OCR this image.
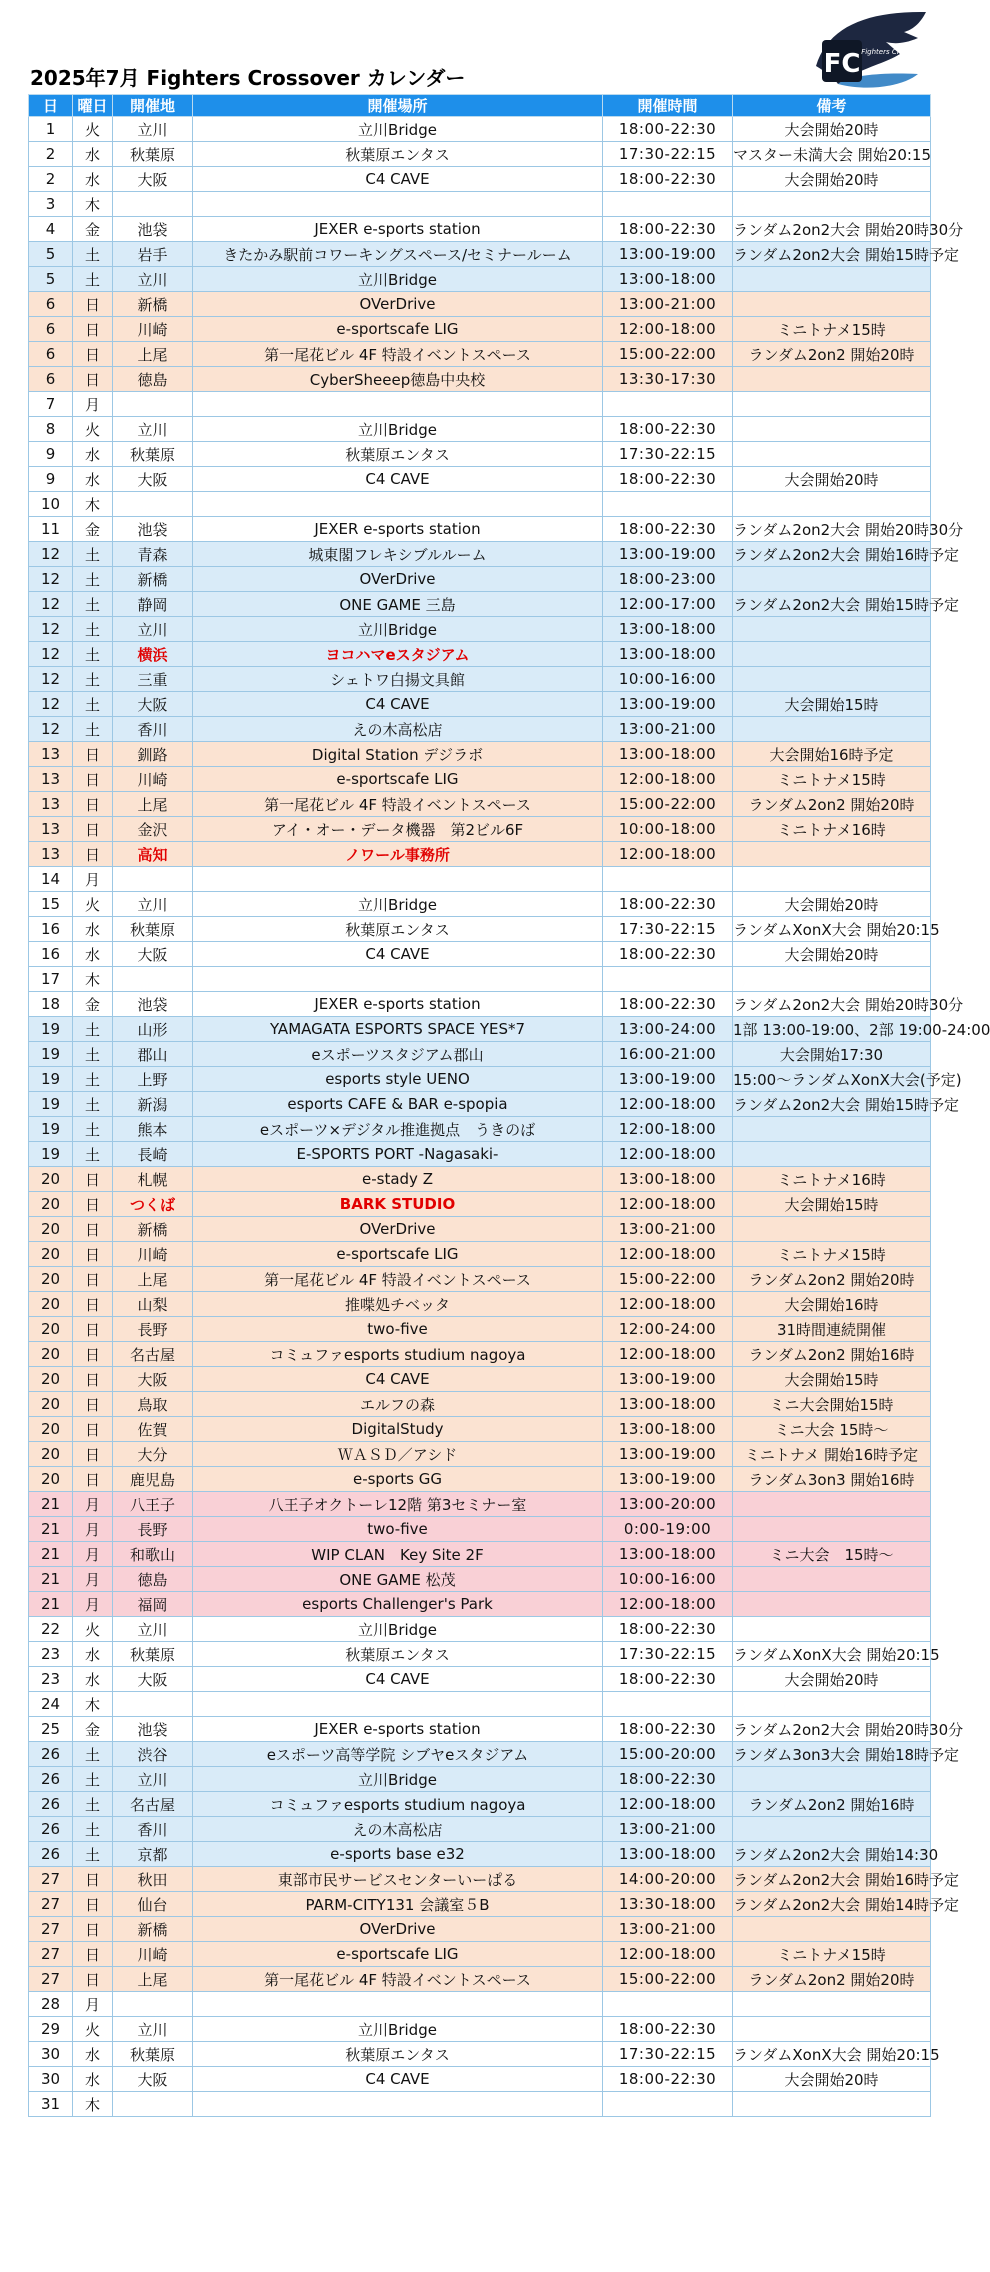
2025年7月 Fighters Crossover カレンダー	FC Fighters Crossover
日	曜日	開催地	開催場所	開催時間	備考
1	火	立川	立川Bridge	18:00-22:30	大会開始20時
2	水	秋葉原	秋葉原エンタス	17:30-22:15	マスター未満大会 開始20:15
2	水	大阪	C4 CAVE	18:00-22:30	大会開始20時
3	木				
4	金	池袋	JEXER e-sports station	18:00-22:30	ランダム2on2大会 開始20時30分
5	土	岩手	きたかみ駅前コワーキングスペース/セミナールーム	13:00-19:00	ランダム2on2大会 開始15時予定
5	土	立川	立川Bridge	13:00-18:00	
6	日	新橋	OVerDrive	13:00-21:00	
6	日	川崎	e-sportscafe LIG	12:00-18:00	ミニトナメ15時
6	日	上尾	第一尾花ビル 4F 特設イベントスペース	15:00-22:00	ランダム2on2 開始20時
6	日	徳島	CyberSheeep徳島中央校	13:30-17:30	
7	月				
8	火	立川	立川Bridge	18:00-22:30	
9	水	秋葉原	秋葉原エンタス	17:30-22:15	
9	水	大阪	C4 CAVE	18:00-22:30	大会開始20時
10	木				
11	金	池袋	JEXER e-sports station	18:00-22:30	ランダム2on2大会 開始20時30分
12	土	青森	城東閣フレキシブルルーム	13:00-19:00	ランダム2on2大会 開始16時予定
12	土	新橋	OVerDrive	18:00-23:00	
12	土	静岡	ONE GAME 三島	12:00-17:00	ランダム2on2大会 開始15時予定
12	土	立川	立川Bridge	13:00-18:00	
12	土	横浜	ヨコハマeスタジアム	13:00-18:00	
12	土	三重	シェトワ白揚文具館	10:00-16:00	
12	土	大阪	C4 CAVE	13:00-19:00	大会開始15時
12	土	香川	えの木高松店	13:00-21:00	
13	日	釧路	Digital Station デジラボ	13:00-18:00	大会開始16時予定
13	日	川崎	e-sportscafe LIG	12:00-18:00	ミニトナメ15時
13	日	上尾	第一尾花ビル 4F 特設イベントスペース	15:00-22:00	ランダム2on2 開始20時
13	日	金沢	アイ・オー・データ機器　第2ビル6F	10:00-18:00	ミニトナメ16時
13	日	高知	ノワール事務所	12:00-18:00	
14	月				
15	火	立川	立川Bridge	18:00-22:30	大会開始20時
16	水	秋葉原	秋葉原エンタス	17:30-22:15	ランダムXonX大会 開始20:15
16	水	大阪	C4 CAVE	18:00-22:30	大会開始20時
17	木				
18	金	池袋	JEXER e-sports station	18:00-22:30	ランダム2on2大会 開始20時30分
19	土	山形	YAMAGATA ESPORTS SPACE YES*7	13:00-24:00	1部 13:00-19:00、2部 19:00-24:00
19	土	郡山	eスポーツスタジアム郡山	16:00-21:00	大会開始17:30
19	土	上野	esports style UENO	13:00-19:00	15:00〜ランダムXonX大会(予定)
19	土	新潟	esports CAFE & BAR e-spopia	12:00-18:00	ランダム2on2大会 開始15時予定
19	土	熊本	eスポーツ×デジタル推進拠点　うきのば	12:00-18:00	
19	土	長崎	E-SPORTS PORT -Nagasaki-	12:00-18:00	
20	日	札幌	e-stady Z	13:00-18:00	ミニトナメ16時
20	日	つくば	BARK STUDIO	12:00-18:00	大会開始15時
20	日	新橋	OVerDrive	13:00-21:00	
20	日	川崎	e-sportscafe LIG	12:00-18:00	ミニトナメ15時
20	日	上尾	第一尾花ビル 4F 特設イベントスペース	15:00-22:00	ランダム2on2 開始20時
20	日	山梨	推喋処チベッタ	12:00-18:00	大会開始16時
20	日	長野	two-five	12:00-24:00	31時間連続開催
20	日	名古屋	コミュファesports studium nagoya	12:00-18:00	ランダム2on2 開始16時
20	日	大阪	C4 CAVE	13:00-19:00	大会開始15時
20	日	鳥取	エルフの森	13:00-18:00	ミニ大会開始15時
20	日	佐賀	DigitalStudy	13:00-18:00	ミニ大会 15時〜
20	日	大分	ＷＡＳＤ／アシド	13:00-19:00	ミニトナメ 開始16時予定
20	日	鹿児島	e-sports GG	13:00-19:00	ランダム3on3 開始16時
21	月	八王子	八王子オクトーレ12階 第3セミナー室	13:00-20:00	
21	月	長野	two-five	0:00-19:00	
21	月	和歌山	WIP CLAN　Key Site 2F	13:00-18:00	ミニ大会　15時〜
21	月	徳島	ONE GAME 松茂	10:00-16:00	
21	月	福岡	esports Challenger's Park	12:00-18:00	
22	火	立川	立川Bridge	18:00-22:30	
23	水	秋葉原	秋葉原エンタス	17:30-22:15	ランダムXonX大会 開始20:15
23	水	大阪	C4 CAVE	18:00-22:30	大会開始20時
24	木				
25	金	池袋	JEXER e-sports station	18:00-22:30	ランダム2on2大会 開始20時30分
26	土	渋谷	eスポーツ高等学院 シブヤeスタジアム	15:00-20:00	ランダム3on3大会 開始18時予定
26	土	立川	立川Bridge	18:00-22:30	
26	土	名古屋	コミュファesports studium nagoya	12:00-18:00	ランダム2on2 開始16時
26	土	香川	えの木高松店	13:00-21:00	
26	土	京都	e-sports base e32	13:00-18:00	ランダム2on2大会 開始14:30
27	日	秋田	東部市民サービスセンターいーぱる	14:00-20:00	ランダム2on2大会 開始16時予定
27	日	仙台	PARM-CITY131 会議室５B	13:30-18:00	ランダム2on2大会 開始14時予定
27	日	新橋	OVerDrive	13:00-21:00	
27	日	川崎	e-sportscafe LIG	12:00-18:00	ミニトナメ15時
27	日	上尾	第一尾花ビル 4F 特設イベントスペース	15:00-22:00	ランダム2on2 開始20時
28	月				
29	火	立川	立川Bridge	18:00-22:30	
30	水	秋葉原	秋葉原エンタス	17:30-22:15	ランダムXonX大会 開始20:15
30	水	大阪	C4 CAVE	18:00-22:30	大会開始20時
31	木				
